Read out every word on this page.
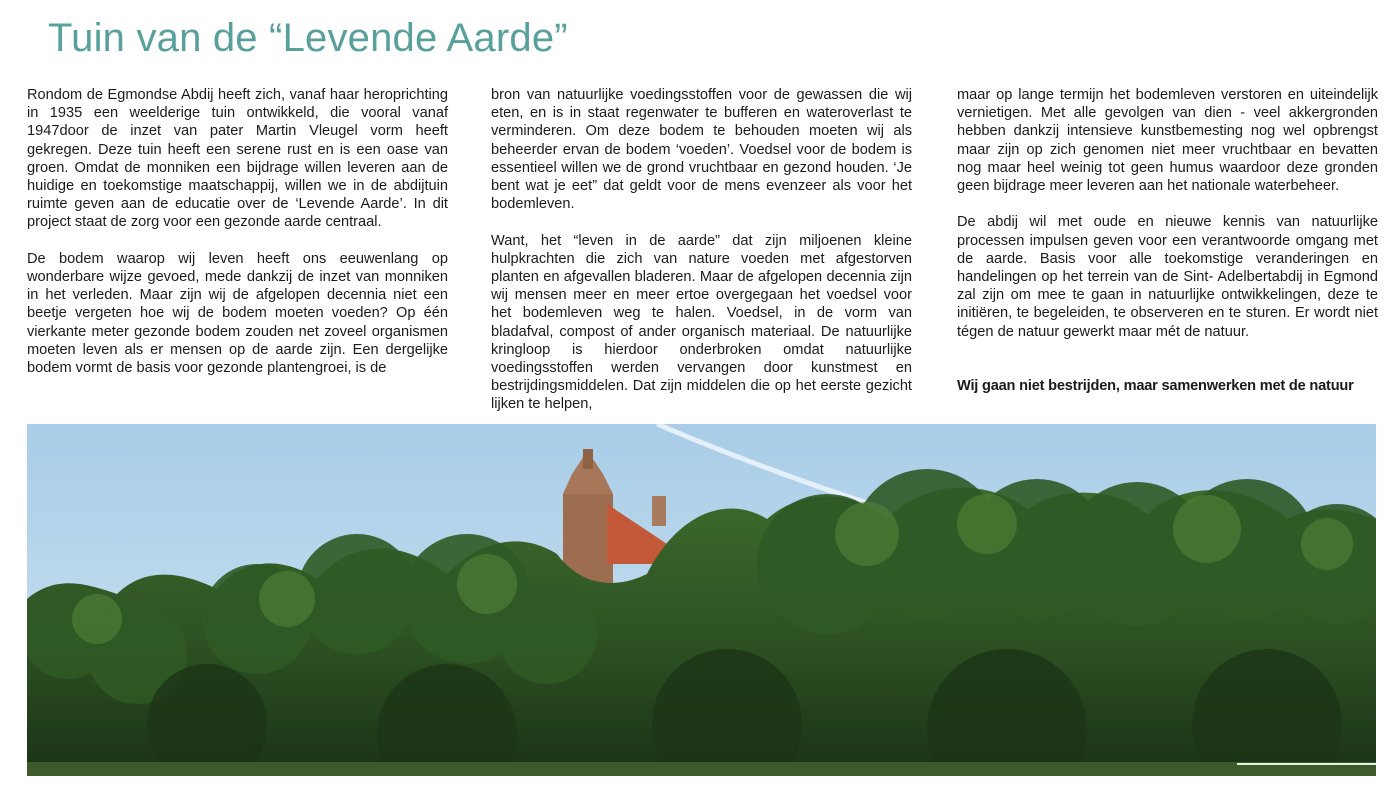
Tuin van de “Levende Aarde”

Rondom de Egmondse Abdij heeft zich, vanaf haar heroprichting in 1935 een weelderige tuin ontwikkeld, die vooral vanaf 1947door de inzet van pater Martin Vleugel vorm heeft gekregen. Deze tuin heeft een serene rust en is een oase van groen. Omdat de monniken een bijdrage willen leveren aan de huidige en toekomstige maatschappij, willen we in de abdijtuin ruimte geven aan de educatie over de ‘Levende Aarde’. In dit project staat de zorg voor een gezonde aarde centraal.

De bodem waarop wij leven heeft ons eeuwenlang op wonderbare wijze gevoed, mede dankzij de inzet van monniken in het verleden. Maar zijn wij de afgelopen decennia niet een beetje vergeten hoe wij de bodem moeten voeden? Op één vierkante meter gezonde bodem zouden net zoveel organismen moeten leven als er mensen op de aarde zijn. Een dergelijke bodem vormt de basis voor gezonde plantengroei, is de

bron van natuurlijke voedingsstoffen voor de gewassen die wij eten, en is in staat regenwater te bufferen en wateroverlast te verminderen. Om deze bodem te behouden moeten wij als beheerder ervan de bodem ‘voeden’. Voedsel voor de bodem is essentieel willen we de grond vruchtbaar en gezond houden. ‘Je bent wat je eet” dat geldt voor de mens evenzeer als voor het bodemleven.

Want, het “leven in de aarde” dat zijn miljoenen kleine hulpkrachten die zich van nature voeden met afgestorven planten en afgevallen bladeren. Maar de afgelopen decennia zijn wij mensen meer en meer ertoe overgegaan het voedsel voor het bodemleven weg te halen. Voedsel, in de vorm van bladafval, compost of ander organisch materiaal. De natuurlijke kringloop is hierdoor onderbroken omdat natuurlijke voedingsstoffen werden vervangen door kunstmest en bestrijdingsmiddelen. Dat zijn middelen die op het eerste gezicht lijken te helpen,

maar op lange termijn het bodemleven verstoren en uiteindelijk vernietigen. Met alle gevolgen van dien - veel akkergronden hebben dankzij intensieve kunstbemesting nog wel opbrengst maar zijn op zich genomen niet meer vruchtbaar en bevatten nog maar heel weinig tot geen humus waardoor deze gronden geen bijdrage meer leveren aan het nationale waterbeheer.

De abdij wil met oude en nieuwe kennis van natuurlijke processen impulsen geven voor een verantwoorde omgang met de aarde. Basis voor alle toekomstige veranderingen en handelingen op het terrein van de Sint- Adelbertabdij in Egmond zal zijn om mee te gaan in natuurlijke ontwikkelingen, deze te initiëren, te begeleiden, te observeren en te sturen. Er wordt niet tégen de natuur gewerkt maar mét de natuur.

Wij gaan niet bestrijden, maar samenwerken met de natuur
